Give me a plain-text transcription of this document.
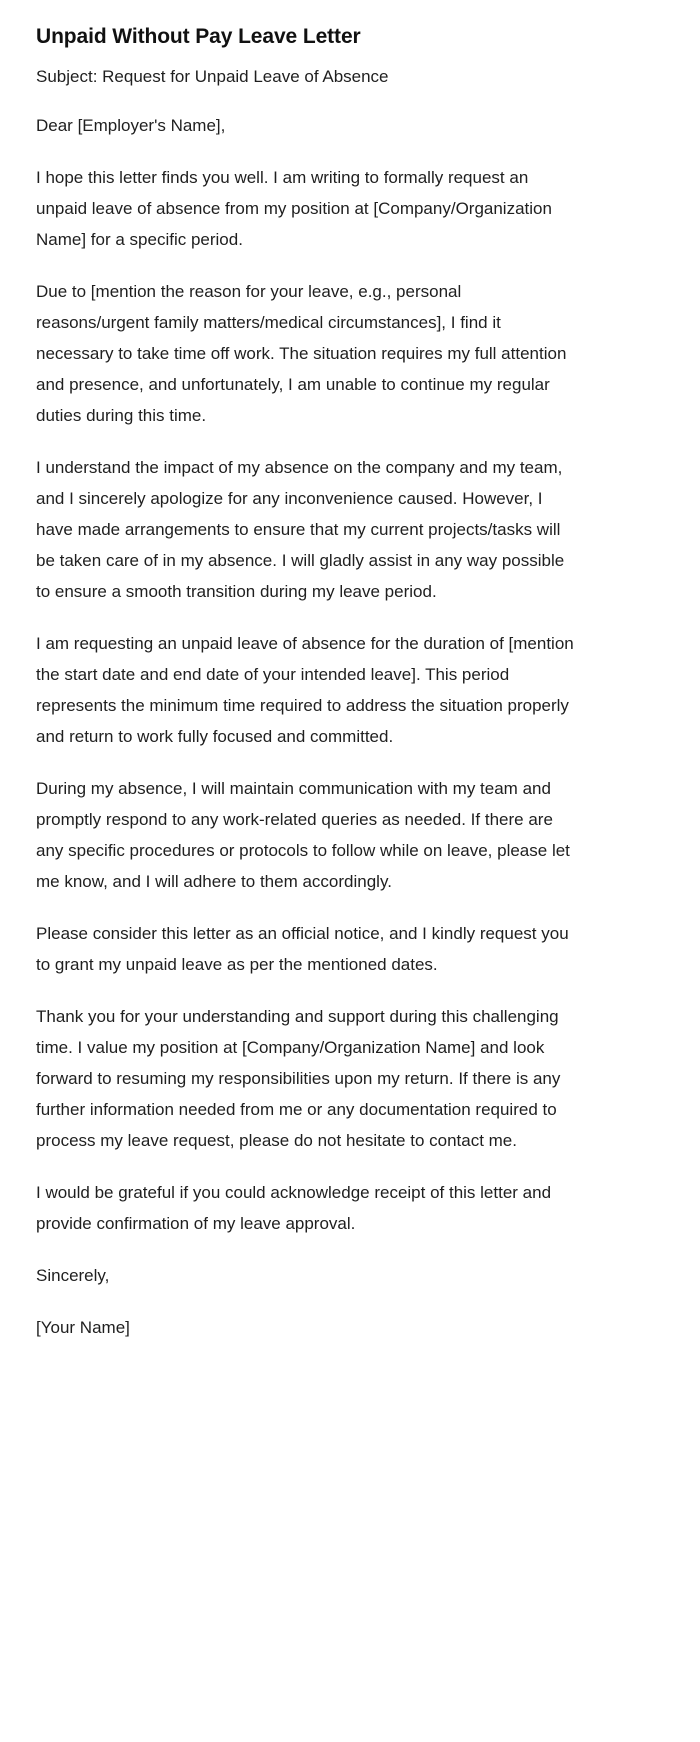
Unpaid Without Pay Leave Letter

Subject: Request for Unpaid Leave of Absence

Dear [Employer's Name],

I hope this letter finds you well. I am writing to formally request an unpaid leave of absence from my position at [Company/Organization Name] for a specific period.

Due to [mention the reason for your leave, e.g., personal reasons/urgent family matters/medical circumstances], I find it necessary to take time off work. The situation requires my full attention and presence, and unfortunately, I am unable to continue my regular duties during this time.

I understand the impact of my absence on the company and my team, and I sincerely apologize for any inconvenience caused. However, I have made arrangements to ensure that my current projects/tasks will be taken care of in my absence. I will gladly assist in any way possible to ensure a smooth transition during my leave period.

I am requesting an unpaid leave of absence for the duration of [mention the start date and end date of your intended leave]. This period represents the minimum time required to address the situation properly and return to work fully focused and committed.

During my absence, I will maintain communication with my team and promptly respond to any work-related queries as needed. If there are any specific procedures or protocols to follow while on leave, please let me know, and I will adhere to them accordingly.

Please consider this letter as an official notice, and I kindly request you to grant my unpaid leave as per the mentioned dates.

Thank you for your understanding and support during this challenging time. I value my position at [Company/Organization Name] and look forward to resuming my responsibilities upon my return. If there is any further information needed from me or any documentation required to process my leave request, please do not hesitate to contact me.

I would be grateful if you could acknowledge receipt of this letter and provide confirmation of my leave approval.

Sincerely,

[Your Name]
